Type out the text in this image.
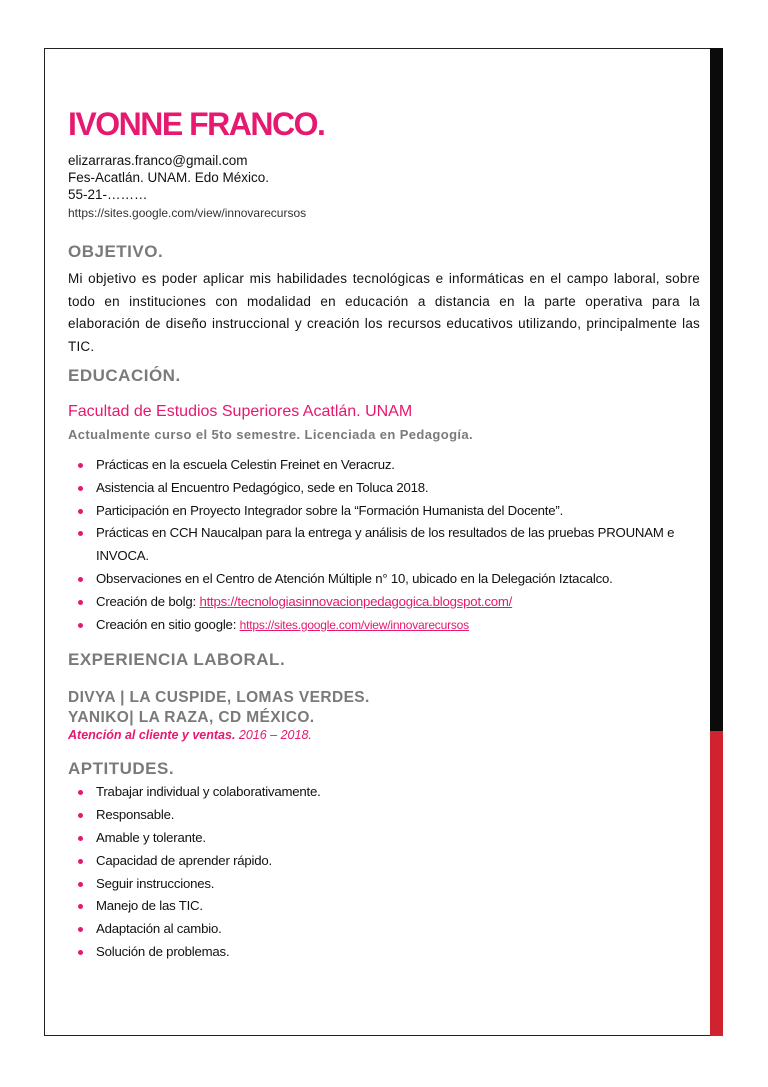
IVONNE FRANCO.
elizarraras.franco@gmail.com
Fes-Acatlán. UNAM. Edo México.
55-21-………
https://sites.google.com/view/innovarecursos
OBJETIVO.
Mi objetivo es poder aplicar mis habilidades tecnológicas e informáticas en el campo laboral, sobre todo en instituciones con modalidad en educación a distancia en la parte operativa para la elaboración de diseño instruccional y creación los recursos educativos utilizando, principalmente las TIC.
EDUCACIÓN.
Facultad de Estudios Superiores Acatlán. UNAM
Actualmente curso el 5to semestre. Licenciada en Pedagogía.
Prácticas en la escuela Celestin Freinet en Veracruz.
Asistencia al Encuentro Pedagógico, sede en Toluca 2018.
Participación en Proyecto Integrador sobre la “Formación Humanista del Docente”.
Prácticas en CCH Naucalpan para la entrega y análisis de los resultados de las pruebas PROUNAM e INVOCA.
Observaciones en el Centro de Atención Múltiple n° 10, ubicado en la Delegación Iztacalco.
Creación de bolg: https://tecnologiasinnovacionpedagogica.blogspot.com/
Creación en sitio google: https://sites.google.com/view/innovarecursos
EXPERIENCIA LABORAL.
DIVYA | LA CUSPIDE, LOMAS VERDES.
YANIKO| LA RAZA, CD MÉXICO.
Atención al cliente y ventas. 2016 – 2018.
APTITUDES.
Trabajar individual y colaborativamente.
Responsable.
Amable y tolerante.
Capacidad de aprender rápido.
Seguir instrucciones.
Manejo de las TIC.
Adaptación al cambio.
Solución de problemas.
